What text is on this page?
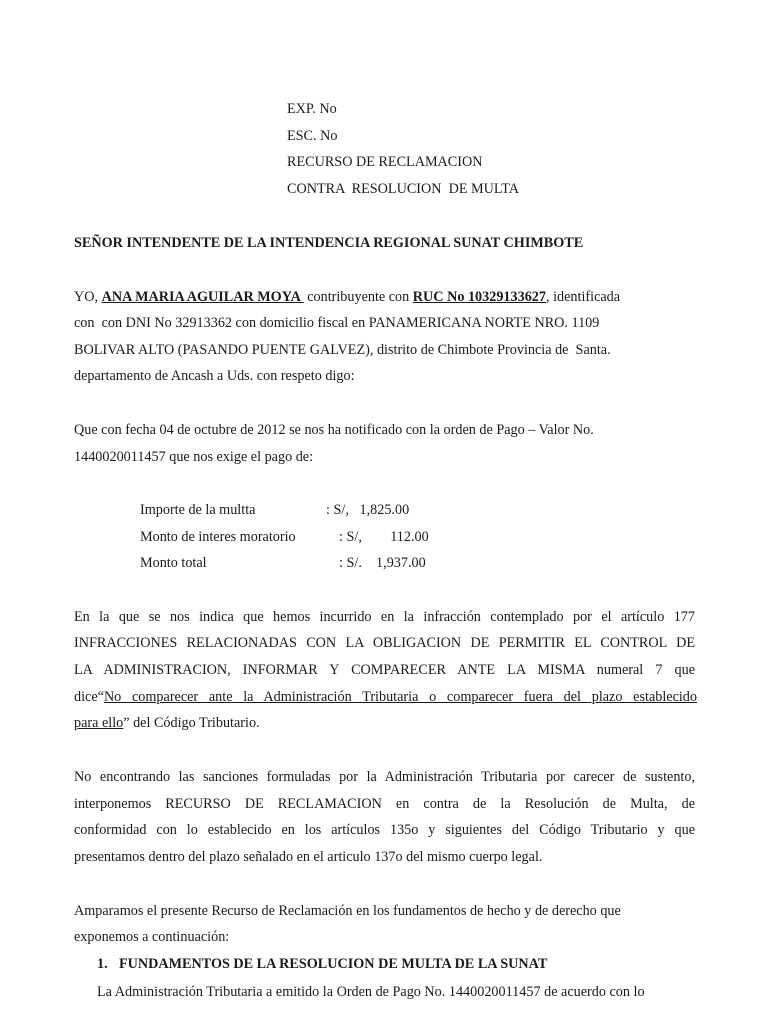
EXP. No
ESC. No
RECURSO DE RECLAMACION
CONTRA  RESOLUCION  DE MULTA
SEÑOR INTENDENTE DE LA INTENDENCIA REGIONAL SUNAT CHIMBOTE
YO, ANA MARIA AGUILAR MOYA  contribuyente con RUC No 10329133627, identificada
con  con DNI No 32913362 con domicilio fiscal en PANAMERICANA NORTE NRO. 1109
BOLIVAR ALTO (PASANDO PUENTE GALVEZ), distrito de Chimbote Provincia de  Santa.
departamento de Ancash a Uds. con respeto digo:
Que con fecha 04 de octubre de 2012 se nos ha notificado con la orden de Pago – Valor No.
1440020011457 que nos exige el pago de:
Importe de la multta	: S/,   1,825.00
Monto de interes moratorio	: S/,        112.00
Monto total	: S/.    1,937.00
En la que se nos indica que hemos incurrido en la infracción contemplado por el artículo 177
INFRACCIONES RELACIONADAS CON LA OBLIGACION DE PERMITIR EL CONTROL DE
LA ADMINISTRACION, INFORMAR Y COMPARECER ANTE LA MISMA numeral 7 que
dice“No comparecer ante la Administración Tributaria o comparecer fuera del plazo establecido
para ello” del Código Tributario.
No encontrando las sanciones formuladas por la Administración Tributaria por carecer de sustento,
interponemos RECURSO DE RECLAMACION en contra de la Resolución de Multa, de
conformidad con lo establecido en los artículos 135o y siguientes del Código Tributario y que
presentamos dentro del plazo señalado en el articulo 137o del mismo cuerpo legal.
Amparamos el presente Recurso de Reclamación en los fundamentos de hecho y de derecho que
exponemos a continuación:
1. FUNDAMENTOS DE LA RESOLUCION DE MULTA DE LA SUNAT
La Administración Tributaria a emitido la Orden de Pago No. 1440020011457 de acuerdo con lo
